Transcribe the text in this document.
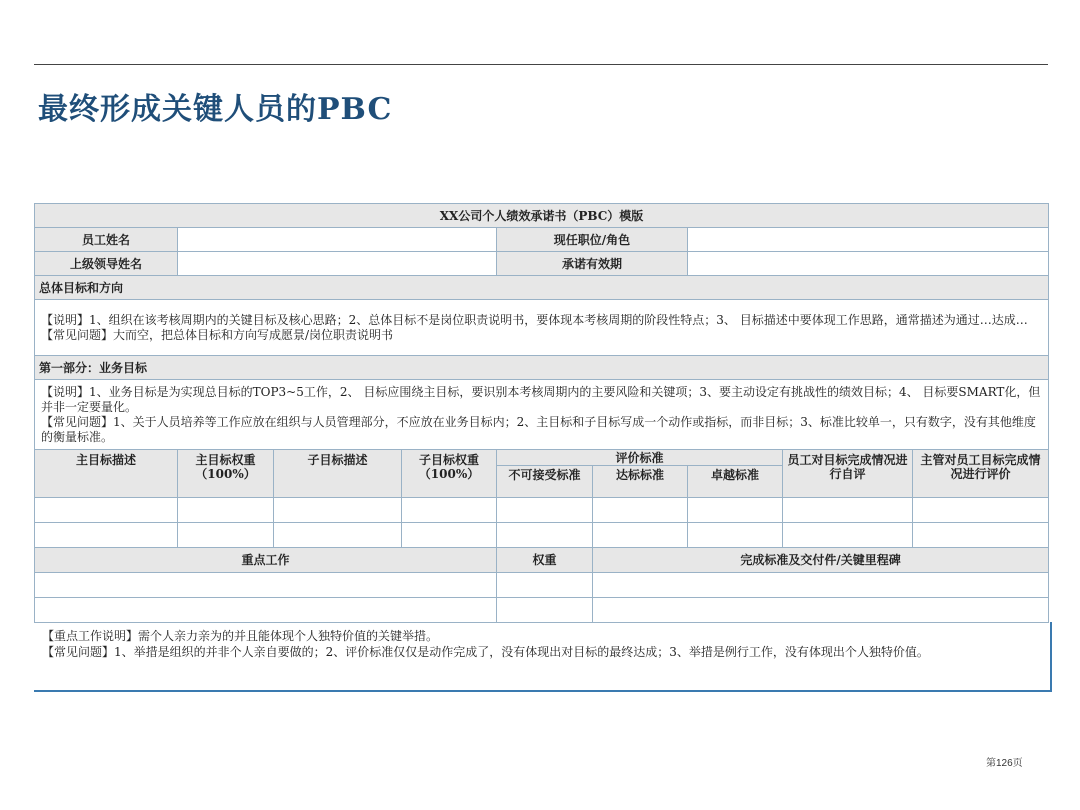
最终形成关键人员的PBC
XX公司个人绩效承诺书（PBC）模版								
员工姓名				现任职位/角色				
上级领导姓名				承诺有效期				
总体目标和方向								

【说明】1、组织在该考核周期内的关键目标及核心思路；2、总体目标不是岗位职责说明书，要体现本考核周期的阶段性特点；3、 目标描述中要体现工作思路，通常描述为通过…达成…
【常见问题】大而空，把总体目标和方向写成愿景/岗位职责说明书								

第一部分：业务目标								

【说明】1、业务目标是为实现总目标的TOP3~5工作，2、 目标应围绕主目标，要识别本考核周期内的主要风险和关键项；3、要主动设定有挑战性的绩效目标；4、 目标要SMART化，但并非一定要量化。
【常见问题】1、关于人员培养等工作应放在组织与人员管理部分，不应放在业务目标内；2、主目标和子目标写成一个动作或指标，而非目标；3、标准比较单一，只有数字，没有其他维度的衡量标准。								

主目标描述	主目标权重（100%）	子目标描述	子目标权重（100%）	评价标准			员工对目标完成情况进行自评	主管对员工目标完成情况进行评价
				不可接受标准	达标标准	卓越标准		

重点工作				权重	完成标准及交付件/关键里程碑			

【重点工作说明】需个人亲力亲为的并且能体现个人独特价值的关键举措。
【常见问题】1、举措是组织的并非个人亲自要做的；2、评价标准仅仅是动作完成了，没有体现出对目标的最终达成；3、举措是例行工作，没有体现出个人独特价值。
第126页
